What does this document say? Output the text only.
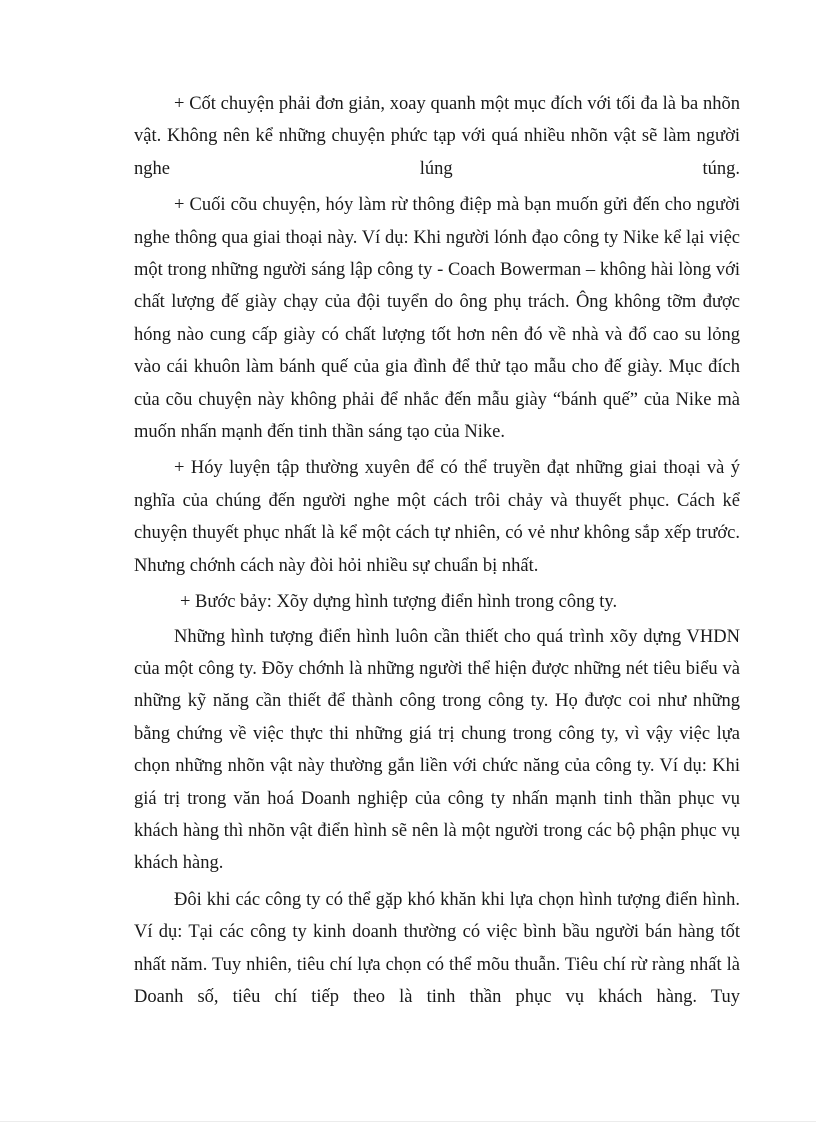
+ Cốt chuyện phải đơn giản, xoay quanh một mục đích với tối đa là ba nhõn vật. Không nên kể những chuyện phức tạp với quá nhiều nhõn vật sẽ làm người nghe lúng túng.

+ Cuối cõu chuyện, hóy làm rừ thông điệp mà bạn muốn gửi đến cho người nghe thông qua giai thoại này. Ví dụ: Khi người lónh đạo công ty Nike kể lại việc một trong những người sáng lập công ty - Coach Bowerman – không hài lòng với chất lượng đế giày chạy của đội tuyển do ông phụ trách. Ông không tỡm được hóng nào cung cấp giày có chất lượng tốt hơn nên đó về nhà và đổ cao su lỏng vào cái khuôn làm bánh quế của gia đình để thử tạo mẫu cho đế giày. Mục đích của cõu chuyện này không phải để nhắc đến mẫu giày “bánh quế” của Nike mà muốn nhấn mạnh đến tinh thần sáng tạo của Nike.

+ Hóy luyện tập thường xuyên để có thể truyền đạt những giai thoại và ý nghĩa của chúng đến người nghe một cách trôi chảy và thuyết phục. Cách kể chuyện thuyết phục nhất là kể một cách tự nhiên, có vẻ như không sắp xếp trước. Nhưng chớnh cách này đòi hỏi nhiều sự chuẩn bị nhất.

+ Bước bảy: Xõy dựng hình tượng điển hình trong công ty.

Những hình tượng điển hình luôn cần thiết cho quá trình xõy dựng VHDN của một công ty. Đõy chớnh là những người thể hiện được những nét tiêu biểu và những kỹ năng cần thiết để thành công trong công ty. Họ được coi như những bằng chứng về việc thực thi những giá trị chung trong công ty, vì vậy việc lựa chọn những nhõn vật này thường gắn liền với chức năng của công ty. Ví dụ: Khi giá trị trong văn hoá Doanh nghiệp của công ty nhấn mạnh tinh thần phục vụ khách hàng thì nhõn vật điển hình sẽ nên là một người trong các bộ phận phục vụ khách hàng.

Đôi khi các công ty có thể gặp khó khăn khi lựa chọn hình tượng điển hình. Ví dụ: Tại các công ty kinh doanh thường có việc bình bầu người bán hàng tốt nhất năm. Tuy nhiên, tiêu chí lựa chọn có thể mõu thuẫn. Tiêu chí rừ ràng nhất là Doanh số, tiêu chí tiếp theo là tinh thần phục vụ khách hàng. Tuy
